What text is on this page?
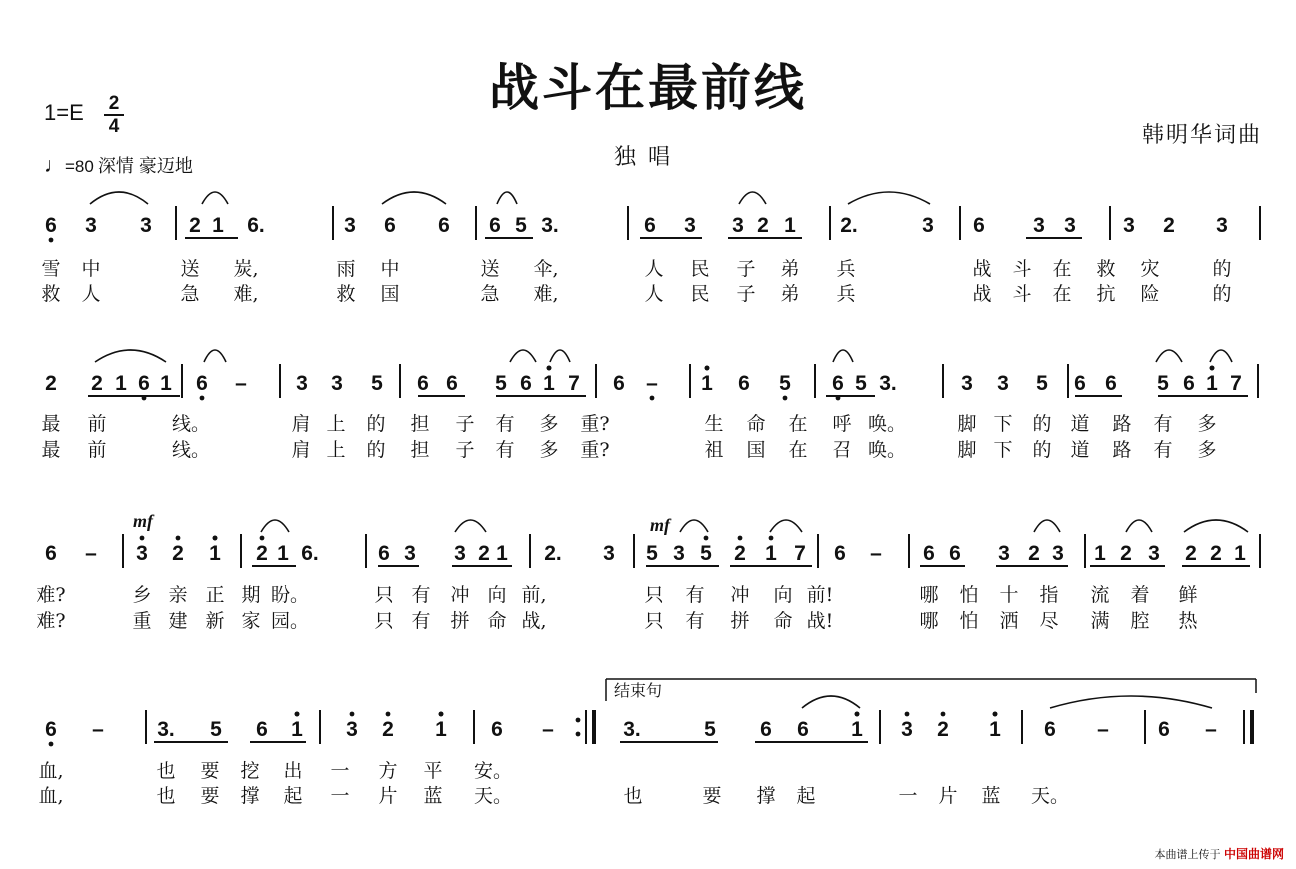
战斗在最前线
独唱
韩明华词曲
1=E 2
4
♩=80 深情 豪迈地
6 3 3 2 1 6.	3 6 6 6 5 3.	6 3 3 2 1 2.	3 6 3 3 3 2 3
雪 中	送 炭,	雨 中	送 伞,	人 民 子 弟 兵	战 斗 在 救 灾	的
救 人	急 难,	救 国	急 难,	人 民 子 弟 兵	战 斗 在 抗 险	的
2 2 1 6 1 6 – 3 3 5 6 6 5 6 1 7 6 – 1 6 5 6 5 3.	3 3 5 6 6 5 6 1 7
最 前	线。	肩 上 的 担 子 有 多 重?	生 命 在 呼 唤。	脚 下 的 道 路 有 多
最 前	线。	肩 上 的 担 子 有 多 重?	祖 国 在 召 唤。	脚 下 的 道 路 有 多
6 – 3 2 1 2 1 6.	6 3 3 2 1 2. 3 5 3 5 2 1 7 6 – 6 6 3 2 3 1 2 3 2 2 1
mf	mf
难?	乡 亲 正 期 盼。	只 有 冲 向 前,	只 有 冲 向 前!	哪 怕 十 指 流 着 鲜
难?	重 建 新 家 园。	只 有 拼 命 战,	只 有 拼 命 战!	哪 怕 洒 尽 满 腔 热
6 –	3. 5 6 1 3 2 1 6 –	3.	5 6 6 1 3 2 1 6 – 6 –
血,	也 要 挖 出 一 方 平 安。
血,	也 要 撑 起 一 片 蓝 天。	也	要 撑 起	一 片 蓝 天。
结束句
本曲谱上传于 中国曲谱网
